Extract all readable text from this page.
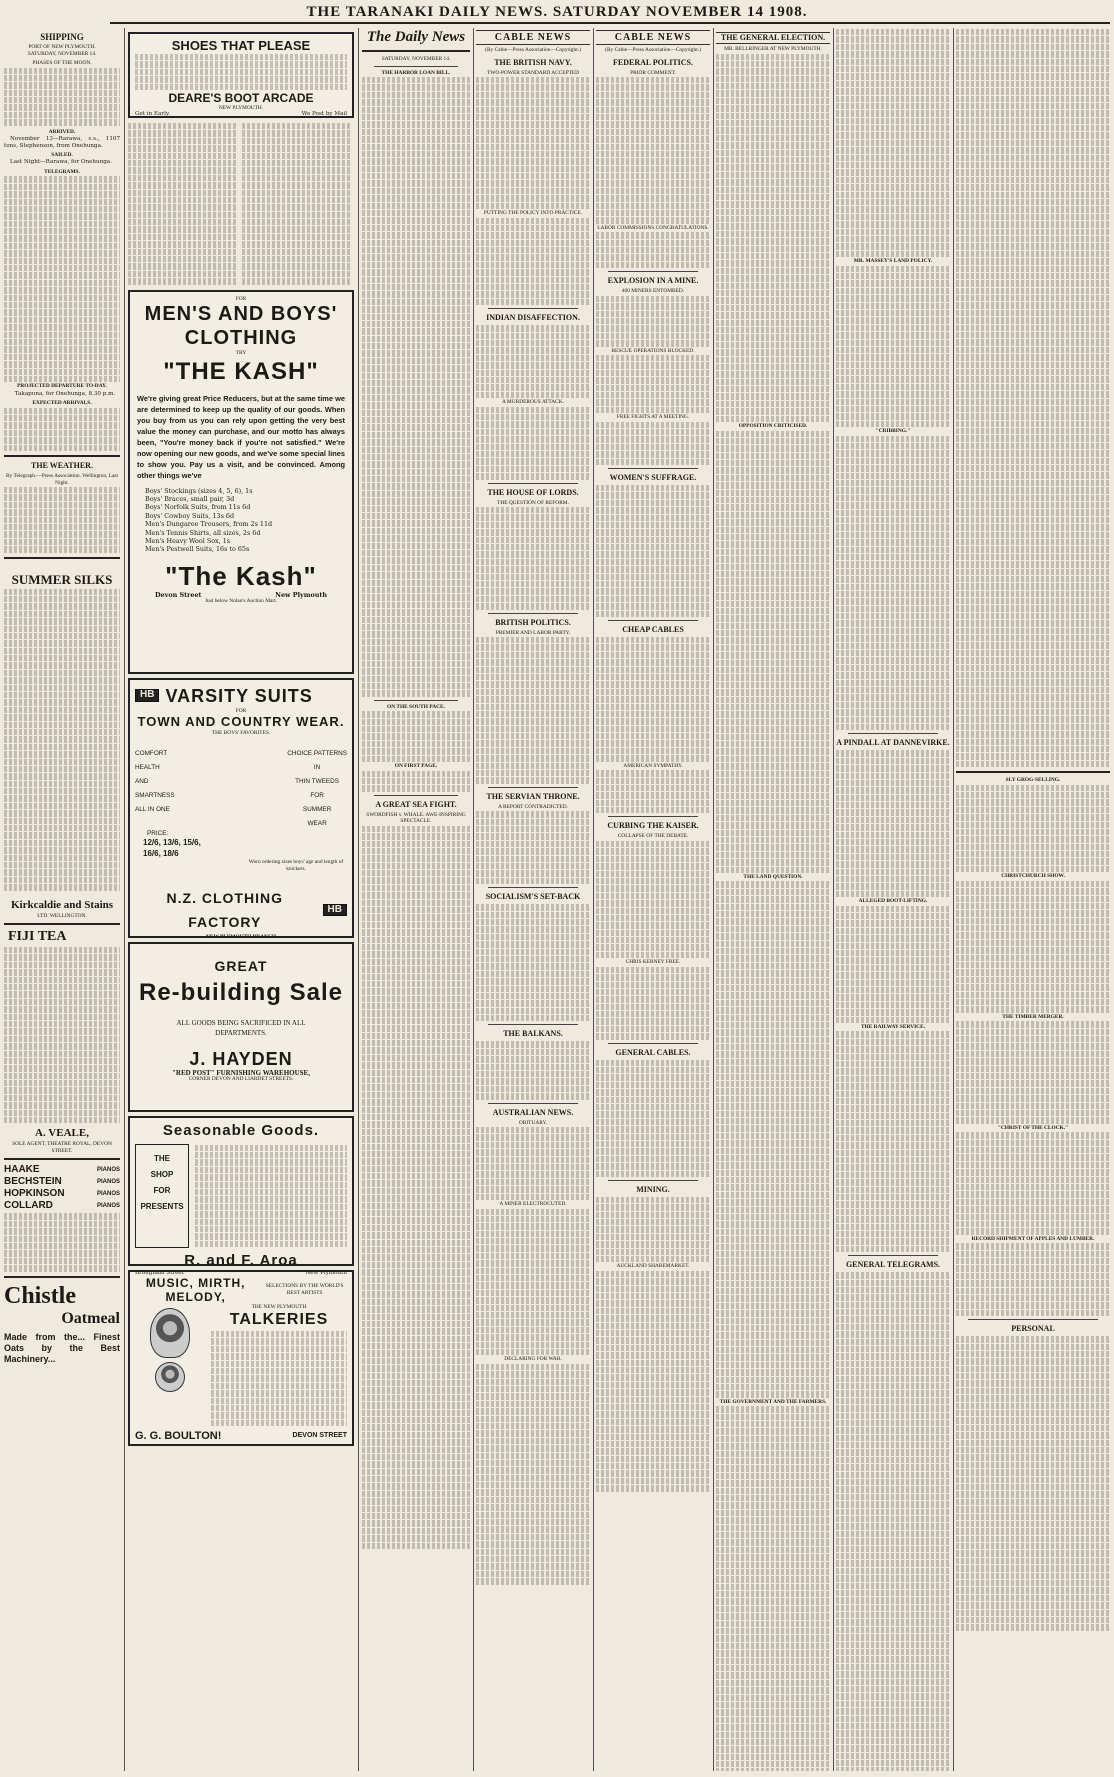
THE TARANAKI DAILY NEWS. SATURDAY NOVEMBER 14 1908.
SHIPPING
PORT OF NEW PLYMOUTH.
SATURDAY, NOVEMBER 14.
PHASES OF THE MOON.
ARRIVED.
November 13—Rarawa, s.s., 1107 tons, Stephenson, from Onehunga.
SAILED.
Last Night—Rarawa, for Onehunga.
TELEGRAMS.
PROJECTED DEPARTURE TO-DAY.
Takapuna, for Onehunga, 8.30 p.m.
EXPECTED ARRIVALS.
THE WEATHER.
By Telegraph.—Press Association. Wellington, Last Night.
SUMMER SILKS
Kirkcaldie and Stains
LTD. WELLINGTON.
FIJI TEA
A. VEALE,
SOLE AGENT, THEATRE ROYAL, DEVON STREET.
HAAKE	PIANOS
BECHSTEIN	PIANOS
HOPKINSON	PIANOS
COLLARD	PIANOS
Chistle
Oatmeal
Made from the... Finest Oats by the Best Machinery...
SHOES THAT PLEASE
DEARE'S BOOT ARCADE
NEW PLYMOUTH.
Get in Early.	We Post by Mail
FOR
MEN'S AND BOYS' CLOTHING
TRY
"THE KASH"
We're giving great Price Reducers, but at the same time we are determined to keep up the quality of our goods. When you buy from us you can rely upon getting the very best value the money can purchase, and our motto has always been, "You're money back if you're not satisfied." We're now opening our new goods, and we've some special lines to show you. Pay us a visit, and be convinced. Among other things we've
Boys' Stockings (sizes 4, 5, 6), 1s
Boys' Braces, small pair, 3d
Boys' Norfolk Suits, from 11s 6d
Boys' Cowboy Suits, 13s 6d
Men's Dungaree Trousers, from 2s 11d
Men's Tennis Shirts, all sizes, 2s 6d
Men's Heavy Wool Sox, 1s
Men's Pestwell Suits, 16s to 65s
"The Kash"
Devon Street	New Plymouth
Just below Nolan's Auction Mart.
HB VARSITY SUITS
FOR
TOWN AND COUNTRY WEAR.
THE BOYS' FAVORITES.
COMFORT
HEALTH
AND
SMARTNESS
ALL IN ONE
CHOICE PATTERNS
IN
THIN TWEEDS
FOR
SUMMER
WEAR
PRICE:
12/6, 13/6, 15/6,
16/6, 18/6
Worn ordering sizes boys' age and length of knickers.
N.Z. CLOTHING FACTORY
HB
NEW PLYMOUTH BRANCH
GREAT
Re-building Sale
ALL GOODS BEING SACRIFICED IN ALL DEPARTMENTS.
J. HAYDEN
"RED POST" FURNISHING WAREHOUSE,
CORNER DEVON AND LIARDET STREETS.
Seasonable Goods.
THE
SHOP
FOR
PRESENTS
R. and F. Aroa
Brougham Street	New Plymouth
MUSIC, MIRTH, MELODY,
SELECTIONS BY THE WORLD'S BEST ARTISTS
THE NEW PLYMOUTH
TALKERIES
G. G. BOULTON!	DEVON STREET
The Daily News
SATURDAY, NOVEMBER 14.
THE HARBOR LOAN BILL.
ON THE SOUTH PACE.
ON FIRST PAGE.
A GREAT SEA FIGHT.
SWORDFISH v. WHALE. AWE-INSPIRING SPECTACLE.
CABLE NEWS
(By Cable—Press Association—Copyright.)
THE BRITISH NAVY.
TWO-POWER STANDARD ACCEPTED
PUTTING THE POLICY INTO PRACTICE.
INDIAN DISAFFECTION.
A MURDEROUS ATTACK.
THE HOUSE OF LORDS.
THE QUESTION OF REFORM.
BRITISH POLITICS.
PREMIER AND LABOR PARTY.
THE SERVIAN THRONE.
A REPORT CONTRADICTED.
SOCIALISM'S SET-BACK
THE BALKANS.
AUSTRALIAN NEWS.
OBITUARY.
A MINER ELECTROCUTED.
DECLARING FOR WAR.
CABLE NEWS
(By Cable—Press Association—Copyright.)
FEDERAL POLITICS.
PRIOR COMMENT.
LABOR COMMISSIONS CONGRATULATIONS.
EXPLOSION IN A MINE.
400 MINERS ENTOMBED.
RESCUE OPERATIONS BLOCKED.
FREE FIGHTS AT A MEETING.
WOMEN'S SUFFRAGE.
CHEAP CABLES
AMERICAN SYMPATHY.
CURBING THE KAISER.
COLLAPSE OF THE DEBATE.
CHRIS KERNEY FREE.
GENERAL CABLES.
MINING.
AUCKLAND SHAREMARKET.
THE GENERAL ELECTION.
MR. BELLRINGER AT NEW PLYMOUTH.
OPPOSITION CRITICISED.
THE LAND QUESTION.
THE GOVERNMENT AND THE FARMERS.
MR. MASSEY'S LAND POLICY.
"CRIBBING."
A PINDALL AT DANNEVIRKE.
ALLEGED BOOT-LIFTING.
THE RAILWAY SERVICE.
GENERAL TELEGRAMS.
SLY GROG-SELLING.
CHRISTCHURCH SHOW.
THE TIMBER MERGER.
"CHRIST OF THE CLOCK."
RECORD SHIPMENT OF APPLES AND LUMBER.
PERSONAL
